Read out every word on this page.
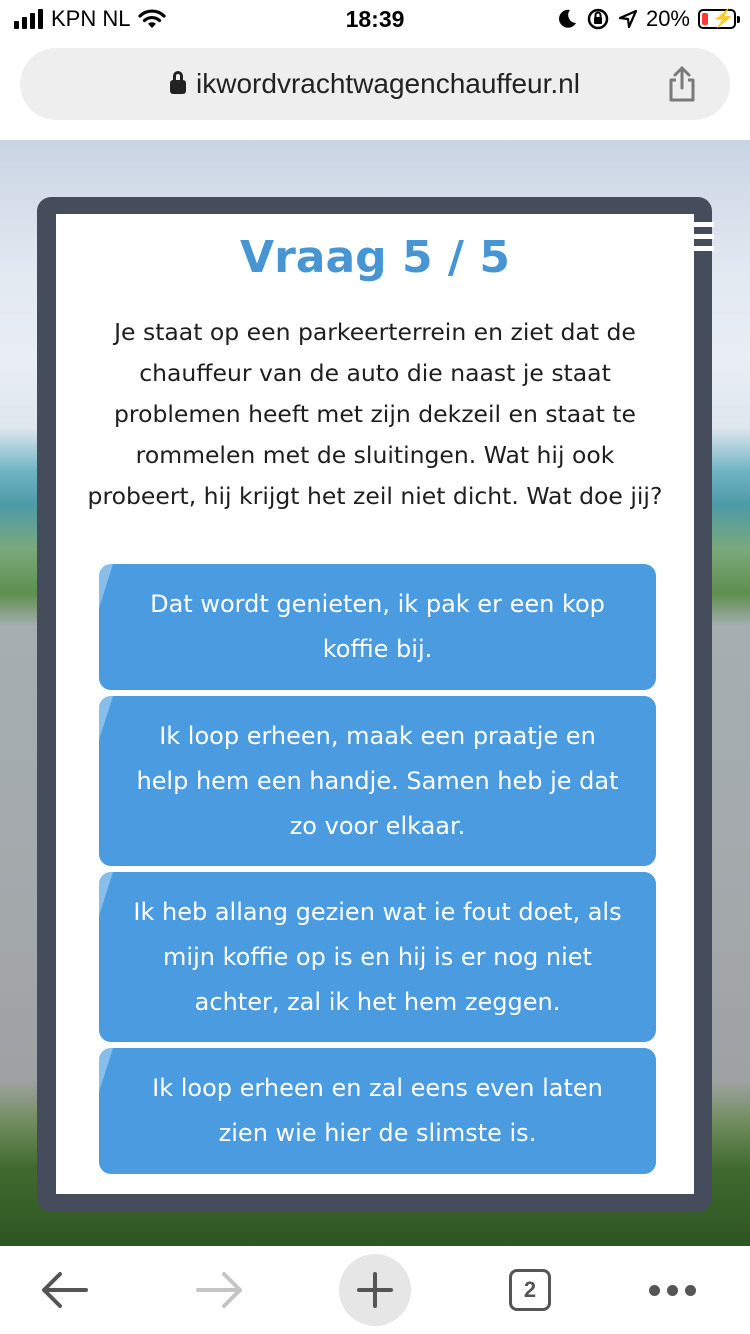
KPN NL	18:39	20% ⚡
ikwordvrachtwagenchauffeur.nl
Vraag 5 / 5
Je staat op een parkeerterrein en ziet dat de chauffeur van de auto die naast je staat problemen heeft met zijn dekzeil en staat te rommelen met de sluitingen. Wat hij ook probeert, hij krijgt het zeil niet dicht. Wat doe jij?
Dat wordt genieten, ik pak er een kop koffie bij.
Ik loop erheen, maak een praatje en help hem een handje. Samen heb je dat zo voor elkaar.
Ik heb allang gezien wat ie fout doet, als mijn koffie op is en hij is er nog niet achter, zal ik het hem zeggen.
Ik loop erheen en zal eens even laten zien wie hier de slimste is.
2
